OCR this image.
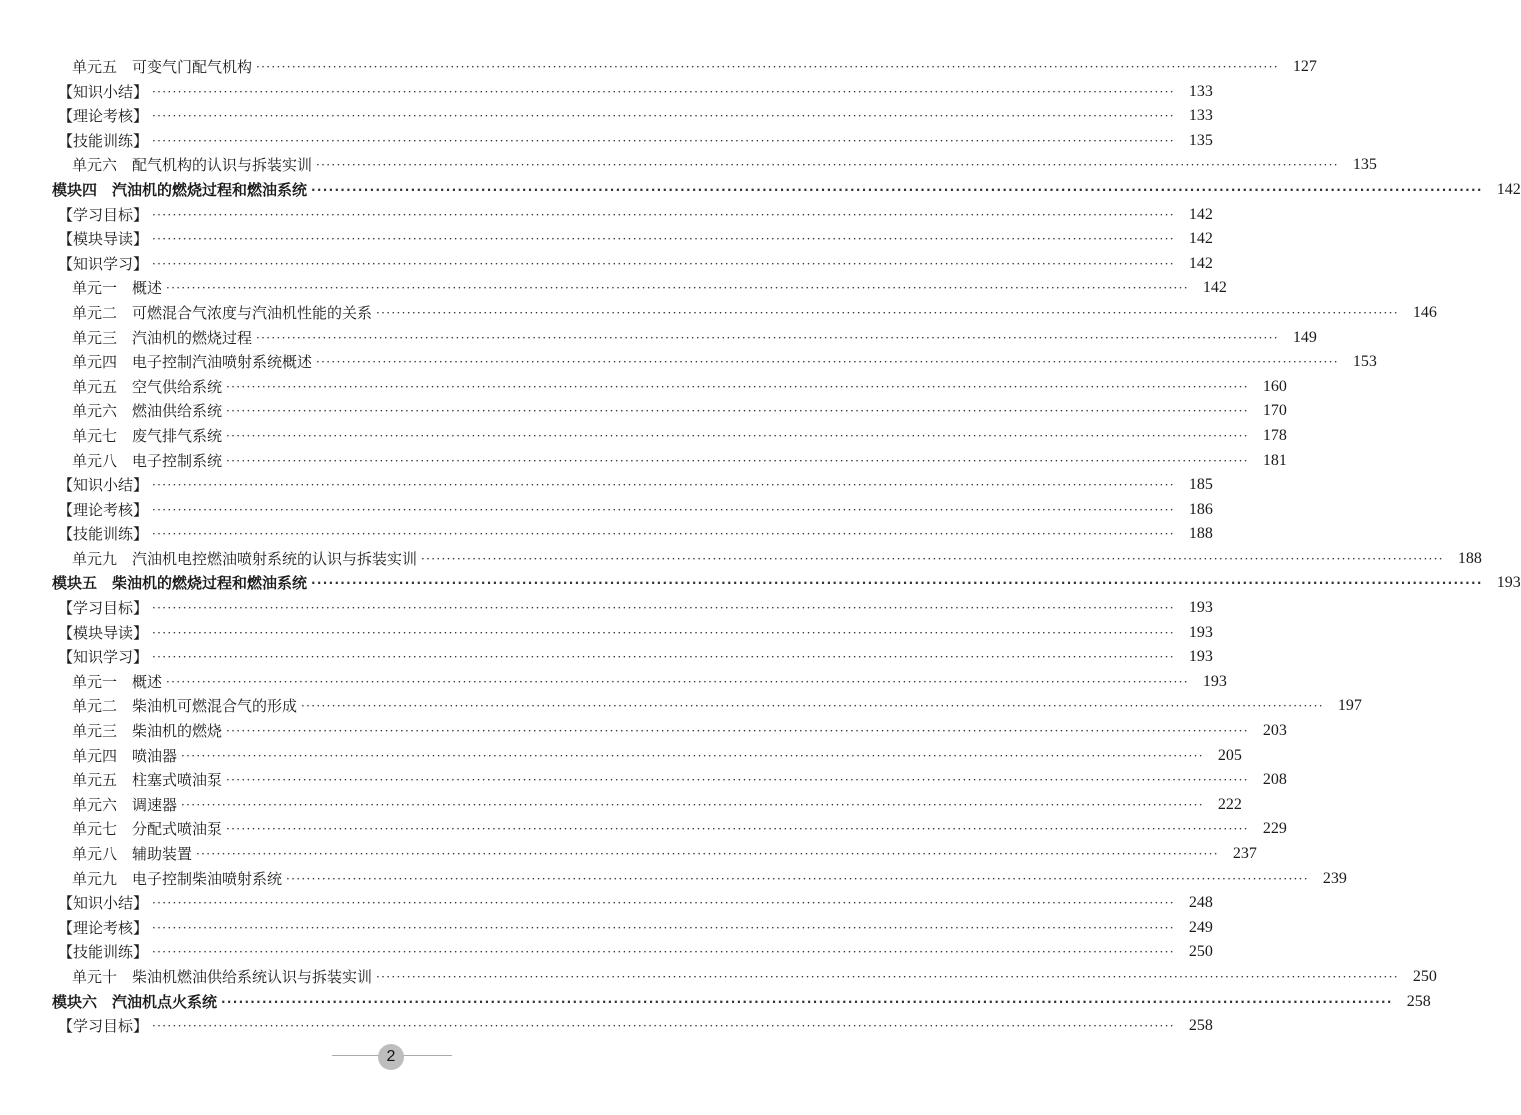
单元五　可变气门配气机构 ········································································································································································································ 127
【知识小结】 ········································································································································································································ 133
【理论考核】 ········································································································································································································ 133
【技能训练】 ········································································································································································································ 135
单元六　配气机构的认识与拆装实训 ········································································································································································································ 135
模块四　汽油机的燃烧过程和燃油系统 ········································································································································································································ 142
【学习目标】 ········································································································································································································ 142
【模块导读】 ········································································································································································································ 142
【知识学习】 ········································································································································································································ 142
单元一　概述 ········································································································································································································ 142
单元二　可燃混合气浓度与汽油机性能的关系 ········································································································································································································ 146
单元三　汽油机的燃烧过程 ········································································································································································································ 149
单元四　电子控制汽油喷射系统概述 ········································································································································································································ 153
单元五　空气供给系统 ········································································································································································································ 160
单元六　燃油供给系统 ········································································································································································································ 170
单元七　废气排气系统 ········································································································································································································ 178
单元八　电子控制系统 ········································································································································································································ 181
【知识小结】 ········································································································································································································ 185
【理论考核】 ········································································································································································································ 186
【技能训练】 ········································································································································································································ 188
单元九　汽油机电控燃油喷射系统的认识与拆装实训 ········································································································································································································ 188
模块五　柴油机的燃烧过程和燃油系统 ········································································································································································································ 193
【学习目标】 ········································································································································································································ 193
【模块导读】 ········································································································································································································ 193
【知识学习】 ········································································································································································································ 193
单元一　概述 ········································································································································································································ 193
单元二　柴油机可燃混合气的形成 ········································································································································································································ 197
单元三　柴油机的燃烧 ········································································································································································································ 203
单元四　喷油器 ········································································································································································································ 205
单元五　柱塞式喷油泵 ········································································································································································································ 208
单元六　调速器 ········································································································································································································ 222
单元七　分配式喷油泵 ········································································································································································································ 229
单元八　辅助装置 ········································································································································································································ 237
单元九　电子控制柴油喷射系统 ········································································································································································································ 239
【知识小结】 ········································································································································································································ 248
【理论考核】 ········································································································································································································ 249
【技能训练】 ········································································································································································································ 250
单元十　柴油机燃油供给系统认识与拆装实训 ········································································································································································································ 250
模块六　汽油机点火系统 ········································································································································································································ 258
【学习目标】 ········································································································································································································ 258
2
